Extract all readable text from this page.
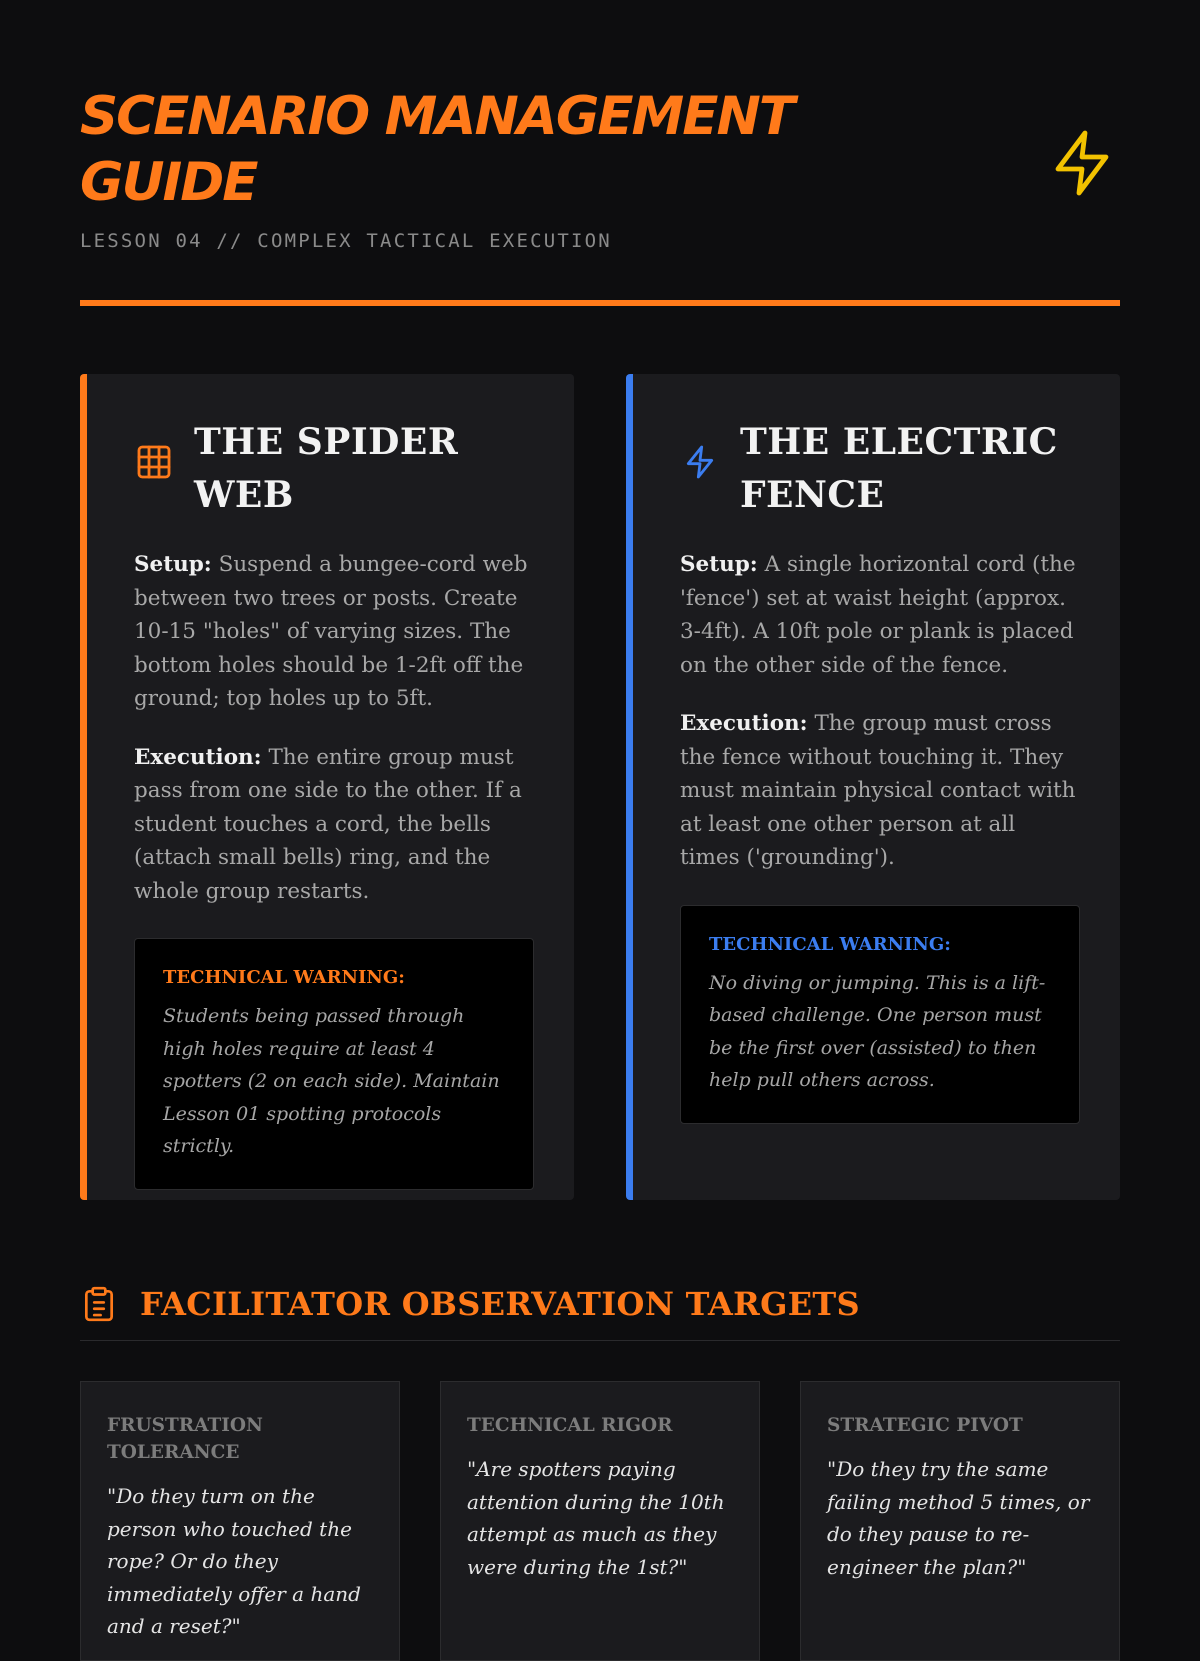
SCENARIO MANAGEMENT GUIDE
LESSON 04 // COMPLEX TACTICAL EXECUTION
THE SPIDER WEB

Setup: Suspend a bungee-cord web between two trees or posts. Create 10-15 "holes" of varying sizes. The bottom holes should be 1-2ft off the ground; top holes up to 5ft.

Execution: The entire group must pass from one side to the other. If a student touches a cord, the bells (attach small bells) ring, and the whole group restarts.

TECHNICAL WARNING:

Students being passed through high holes require at least 4 spotters (2 on each side). Maintain Lesson 01 spotting protocols strictly.

THE ELECTRIC FENCE

Setup: A single horizontal cord (the 'fence') set at waist height (approx. 3-4ft). A 10ft pole or plank is placed on the other side of the fence.

Execution: The group must cross the fence without touching it. They must maintain physical contact with at least one other person at all times ('grounding').

TECHNICAL WARNING:

No diving or jumping. This is a lift-based challenge. One person must be the first over (assisted) to then help pull others across.

FACILITATOR OBSERVATION TARGETS
FRUSTRATION TOLERANCE

"Do they turn on the person who touched the rope? Or do they immediately offer a hand and a reset?"

TECHNICAL RIGOR

"Are spotters paying attention during the 10th attempt as much as they were during the 1st?"

STRATEGIC PIVOT

"Do they try the same failing method 5 times, or do they pause to re-engineer the plan?"
